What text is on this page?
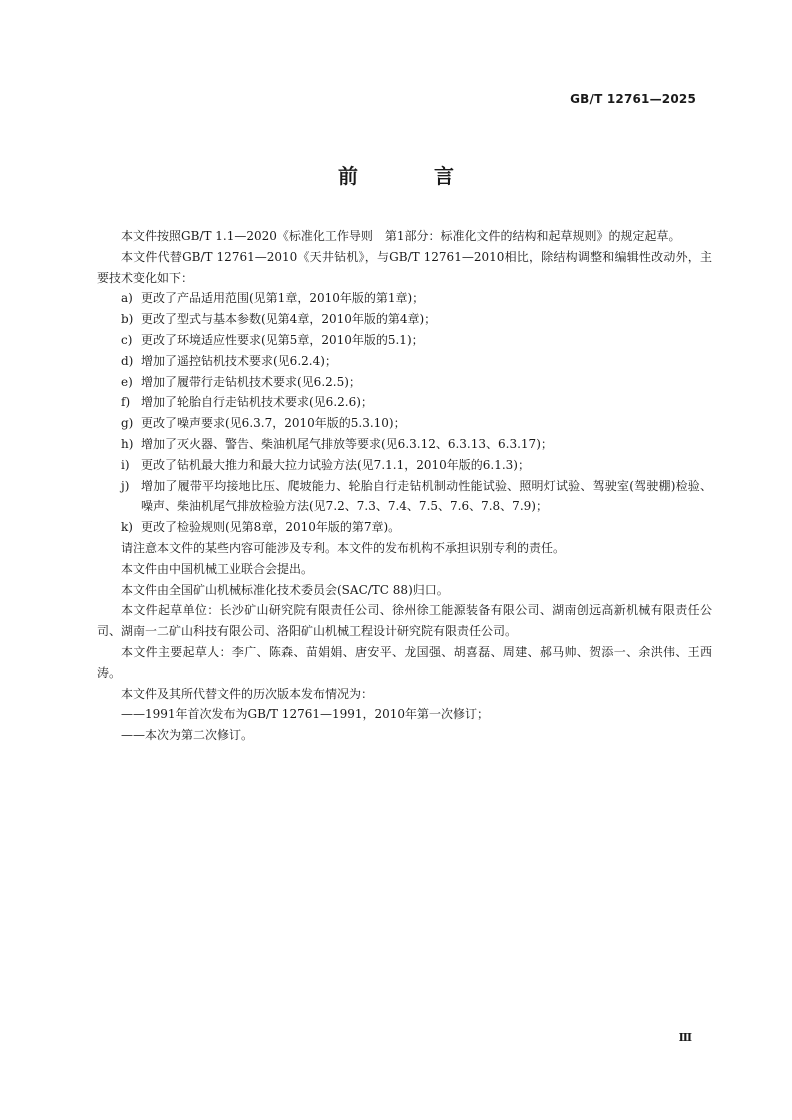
GB/T 12761—2025
前　言

本文件按照GB/T 1.1—2020《标准化工作导则　第1部分：标准化文件的结构和起草规则》的规定起草。

本文件代替GB/T 12761—2010《天井钻机》，与GB/T 12761—2010相比，除结构调整和编辑性改动外，主要技术变化如下：

a) 更改了产品适用范围(见第1章，2010年版的第1章)；
b) 更改了型式与基本参数(见第4章，2010年版的第4章)；
c) 更改了环境适应性要求(见第5章，2010年版的5.1)；
d) 增加了遥控钻机技术要求(见6.2.4)；
e) 增加了履带行走钻机技术要求(见6.2.5)；
f) 增加了轮胎自行走钻机技术要求(见6.2.6)；
g) 更改了噪声要求(见6.3.7，2010年版的5.3.10)；
h) 增加了灭火器、警告、柴油机尾气排放等要求(见6.3.12、6.3.13、6.3.17)；
i) 更改了钻机最大推力和最大拉力试验方法(见7.1.1，2010年版的6.1.3)；
j) 增加了履带平均接地比压、爬坡能力、轮胎自行走钻机制动性能试验、照明灯试验、驾驶室(驾驶棚)检验、噪声、柴油机尾气排放检验方法(见7.2、7.3、7.4、7.5、7.6、7.8、7.9)；
k) 更改了检验规则(见第8章，2010年版的第7章)。

请注意本文件的某些内容可能涉及专利。本文件的发布机构不承担识别专利的责任。

本文件由中国机械工业联合会提出。

本文件由全国矿山机械标准化技术委员会(SAC/TC 88)归口。

本文件起草单位：长沙矿山研究院有限责任公司、徐州徐工能源装备有限公司、湖南创远高新机械有限责任公司、湖南一二矿山科技有限公司、洛阳矿山机械工程设计研究院有限责任公司。

本文件主要起草人：李广、陈森、苗娟娟、唐安平、龙国强、胡喜磊、周建、郝马帅、贺添一、余洪伟、王西涛。

本文件及其所代替文件的历次版本发布情况为：

——1991年首次发布为GB/T 12761—1991，2010年第一次修订；

——本次为第二次修订。

Ⅲ
